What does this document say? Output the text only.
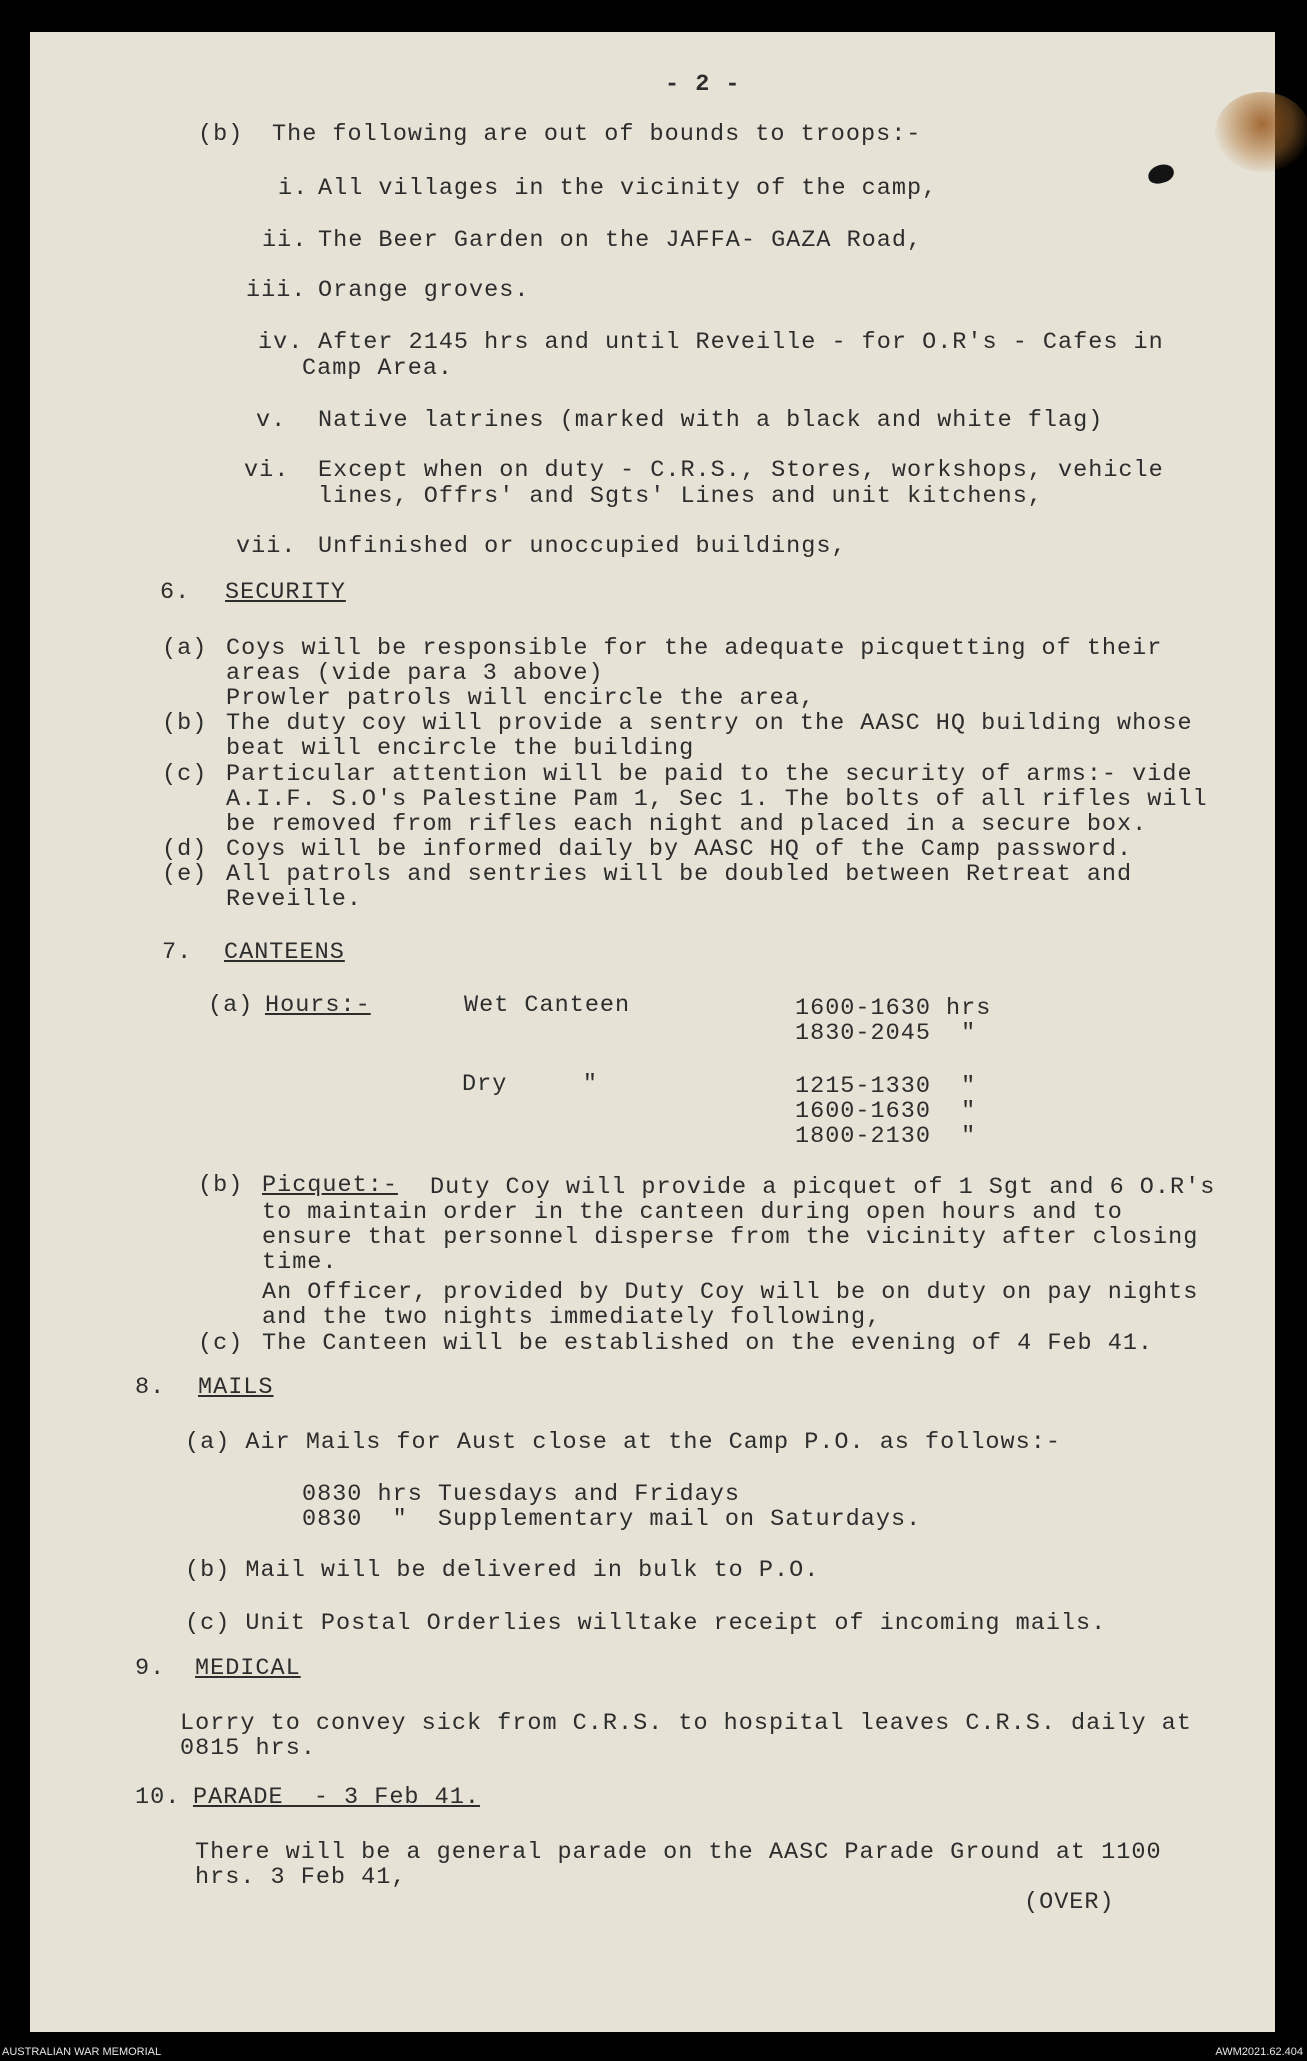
- 2 -
(b) The following are out of bounds to troops:-
i. All villages in the vicinity of the camp,
ii. The Beer Garden on the JAFFA- GAZA Road,
iii. Orange groves.
iv. After 2145 hrs and until Reveille - for O.R's - Cafes in
Camp Area.
v. Native latrines (marked with a black and white flag)
vi. Except when on duty - C.R.S., Stores, workshops, vehicle
lines, Offrs' and Sgts' Lines and unit kitchens,
vii. Unfinished or unoccupied buildings,
6. SECURITY
(a) Coys will be responsible for the adequate picquetting of their
areas (vide para 3 above)
Prowler patrols will encircle the area,
(b) The duty coy will provide a sentry on the AASC HQ building whose
beat will encircle the building
(c) Particular attention will be paid to the security of arms:- vide
A.I.F. S.O's Palestine Pam 1, Sec 1. The bolts of all rifles will
be removed from rifles each night and placed in a secure box.
(d) Coys will be informed daily by AASC HQ of the Camp password.
(e) All patrols and sentries will be doubled between Retreat and
Reveille.
7. CANTEENS
(a) Hours:-	Wet Canteen	1600-1630 hrs
1830-2045  "
Dry     "	1215-1330  "
1600-1630  "
1800-2130  "
(b) Picquet:- Duty Coy will provide a picquet of 1 Sgt and 6 O.R's
to maintain order in the canteen during open hours and to
ensure that personnel disperse from the vicinity after closing
time.
An Officer, provided by Duty Coy will be on duty on pay nights
and the two nights immediately following,
(c) The Canteen will be established on the evening of 4 Feb 41.
8. MAILS
(a) Air Mails for Aust close at the Camp P.O. as follows:-
0830 hrs Tuesdays and Fridays
0830  "  Supplementary mail on Saturdays.
(b) Mail will be delivered in bulk to P.O.
(c) Unit Postal Orderlies willtake receipt of incoming mails.
9. MEDICAL
Lorry to convey sick from C.R.S. to hospital leaves C.R.S. daily at
0815 hrs.
10. PARADE  - 3 Feb 41.
There will be a general parade on the AASC Parade Ground at 1100
hrs. 3 Feb 41,
(OVER)
AUSTRALIAN WAR MEMORIAL	AWM2021.62.404
